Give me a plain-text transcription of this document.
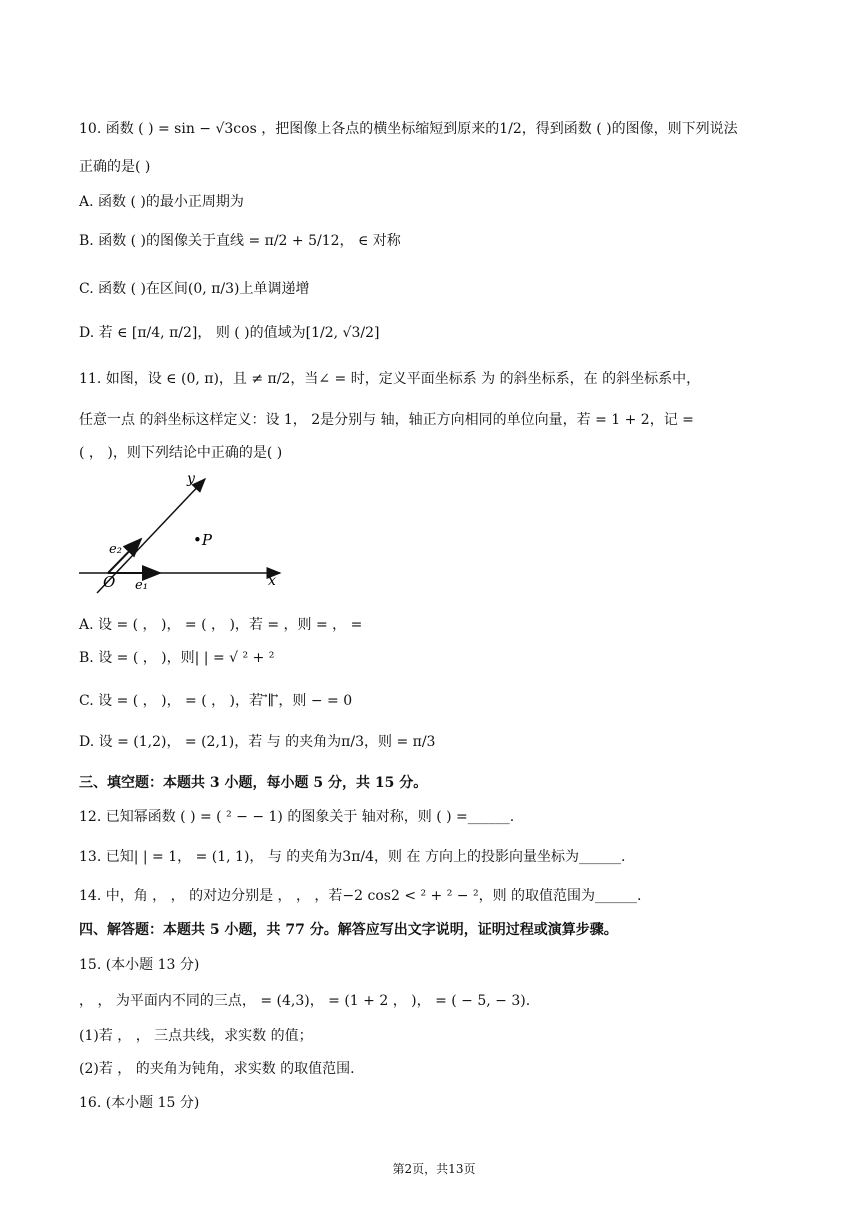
10. 函数 ( ) = sin − √3cos ，把图像上各点的横坐标缩短到原来的1/2，得到函数 ( )的图像，则下列说法
正确的是( )
A. 函数 ( )的最小正周期为
B. 函数 ( )的图像关于直线 = π/2 + 5/12， ∈ 对称
C. 函数 ( )在区间(0, π/3)上单调递增
D. 若 ∈ [π/4, π/2]， 则 ( )的值域为[1/2, √3/2]
11. 如图，设 ∈ (0, π)，且 ≠ π/2，当∠ = 时，定义平面坐标系 为 的斜坐标系，在 的斜坐标系中，
任意一点 的斜坐标这样定义：设 1， 2是分别与 轴，轴正方向相同的单位向量，若 = 1 + 2，记 =
( ， )，则下列结论中正确的是( )
y
x
O
•P
e₁
e₂
A. 设 = ( ， )， = ( ， )，若 = ，则 = ， =
B. 设 = ( ， )，则| | = √ ² + ²
C. 设 = ( ， )， = ( ， )，若 ⃗∥ ⃗，则 − = 0
D. 设 = (1,2)， = (2,1)，若 与 的夹角为π/3，则 = π/3
三、填空题：本题共 3 小题，每小题 5 分，共 15 分。
12. 已知幂函数 ( ) = ( ² − − 1) 的图象关于 轴对称，则 ( ) =______.
13. 已知| | = 1， = (1, 1)， 与 的夹角为3π/4，则 在 方向上的投影向量坐标为______.
14. 中，角 ， ， 的对边分别是 ， ， ，若−2 cos2 < ² + ² − ²，则 的取值范围为______.
四、解答题：本题共 5 小题，共 77 分。解答应写出文字说明，证明过程或演算步骤。
15. (本小题 13 分)
， ， 为平面内不同的三点， = (4,3)， = (1 + 2 ， )， = ( − 5, − 3).
(1)若 ， ， 三点共线，求实数 的值；
(2)若 ， 的夹角为钝角，求实数 的取值范围.
16. (本小题 15 分)
第2页，共13页
